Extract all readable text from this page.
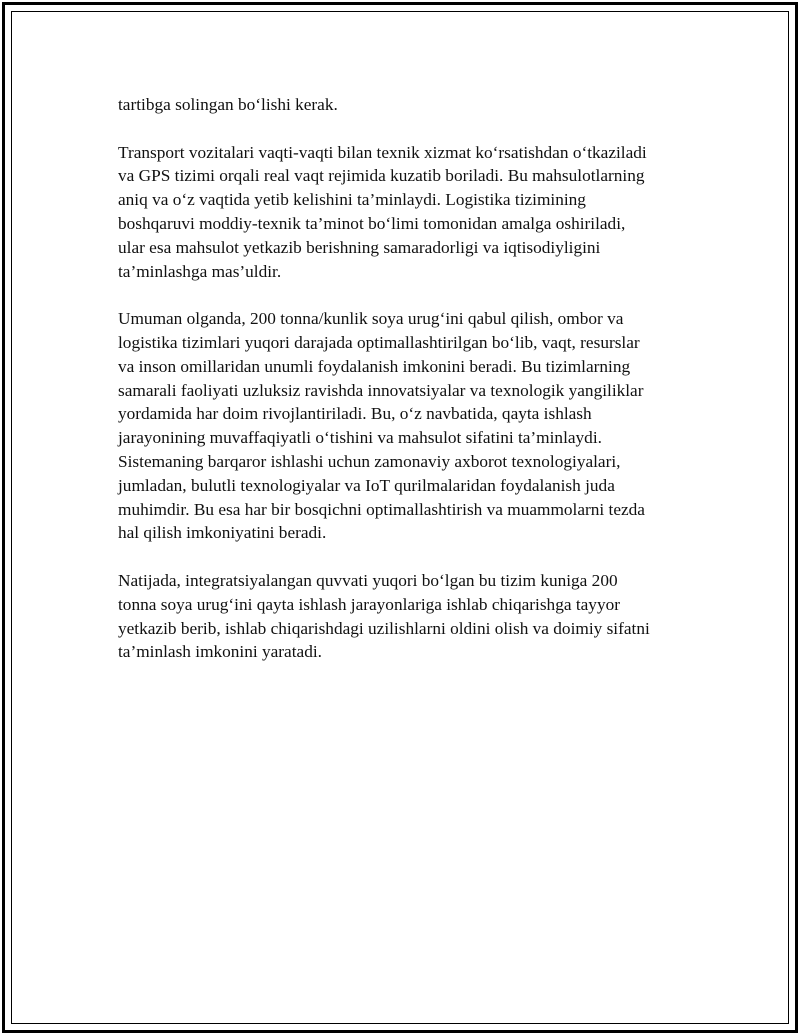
tartibga solingan bo‘lishi kerak.

Transport vozitalari vaqti-vaqti bilan texnik xizmat ko‘rsatishdan o‘tkaziladi
va GPS tizimi orqali real vaqt rejimida kuzatib boriladi. Bu mahsulotlarning
aniq va o‘z vaqtida yetib kelishini ta’minlaydi. Logistika tizimining
boshqaruvi moddiy-texnik ta’minot bo‘limi tomonidan amalga oshiriladi,
ular esa mahsulot yetkazib berishning samaradorligi va iqtisodiyligini
ta’minlashga mas’uldir.

Umuman olganda, 200 tonna/kunlik soya urug‘ini qabul qilish, ombor va
logistika tizimlari yuqori darajada optimallashtirilgan bo‘lib, vaqt, resurslar
va inson omillaridan unumli foydalanish imkonini beradi. Bu tizimlarning
samarali faoliyati uzluksiz ravishda innovatsiyalar va texnologik yangiliklar
yordamida har doim rivojlantiriladi. Bu, o‘z navbatida, qayta ishlash
jarayonining muvaffaqiyatli o‘tishini va mahsulot sifatini ta’minlaydi.
Sistemaning barqaror ishlashi uchun zamonaviy axborot texnologiyalari,
jumladan, bulutli texnologiyalar va IoT qurilmalaridan foydalanish juda
muhimdir. Bu esa har bir bosqichni optimallashtirish va muammolarni tezda
hal qilish imkoniyatini beradi.

Natijada, integratsiyalangan quvvati yuqori bo‘lgan bu tizim kuniga 200
tonna soya urug‘ini qayta ishlash jarayonlariga ishlab chiqarishga tayyor
yetkazib berib, ishlab chiqarishdagi uzilishlarni oldini olish va doimiy sifatni
ta’minlash imkonini yaratadi.
